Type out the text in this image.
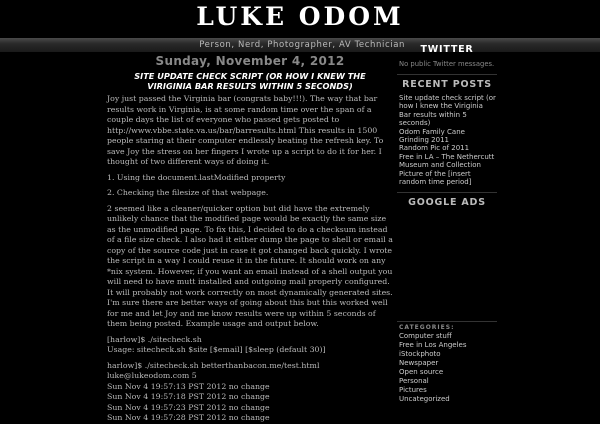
LUKE ODOM
Person, Nerd, Photographer, AV Technician
Sunday, November 4, 2012
SITE UPDATE CHECK SCRIPT (OR HOW I KNEW THE VIRIGINIA BAR RESULTS WITHIN 5 SECONDS)

Joy just passed the Virginia bar (congrats baby!!!). The way that bar results work in Virginia, is at some random time over the span of a couple days the list of everyone who passed gets posted to http://www.vbbe.state.va.us/bar/barresults.html This results in 1500 people staring at their computer endlessly beating the refresh key. To save Joy the stress on her fingers I wrote up a script to do it for her. I thought of two different ways of doing it.

1. Using the document.lastModified property

2. Checking the filesize of that webpage.

2 seemed like a cleaner/quicker option but did have the extremely unlikely chance that the modified page would be exactly the same size as the unmodified page. To fix this, I decided to do a checksum instead of a file size check. I also had it either dump the page to shell or email a copy of the source code just in case it got changed back quickly. I wrote the script in a way I could reuse it in the future. It should work on any *nix system. However, if you want an email instead of a shell output you will need to have mutt installed and outgoing mail properly configured. It will probably not work correctly on most dynamically generated sites. I'm sure there are better ways of going about this but this worked well for me and let Joy and me know results were up within 5 seconds of them being posted. Example usage and output below.

[harlow]$ ./sitecheck.sh
Usage: sitecheck.sh $site [$email] [$sleep (default 30)]

harlow]$ ./sitecheck.sh betterthanbacon.me/test.html luke@lukeodom.com 5
Sun Nov 4 19:57:13 PST 2012 no change
Sun Nov 4 19:57:18 PST 2012 no change
Sun Nov 4 19:57:23 PST 2012 no change
Sun Nov 4 19:57:28 PST 2012 no change

TWITTER
No public Twitter messages.
RECENT POSTS
Site update check script (or how I knew the Viriginia Bar results within 5 seconds)
Odom Family Cane Grinding 2011
Random Pic of 2011
Free in LA – The Nethercutt Museum and Collection
Picture of the [insert random time period]
GOOGLE ADS
CATEGORIES:
Computer stuff
Free in Los Angeles
iStockphoto
Newspaper
Open source
Personal
Pictures
Uncategorized
